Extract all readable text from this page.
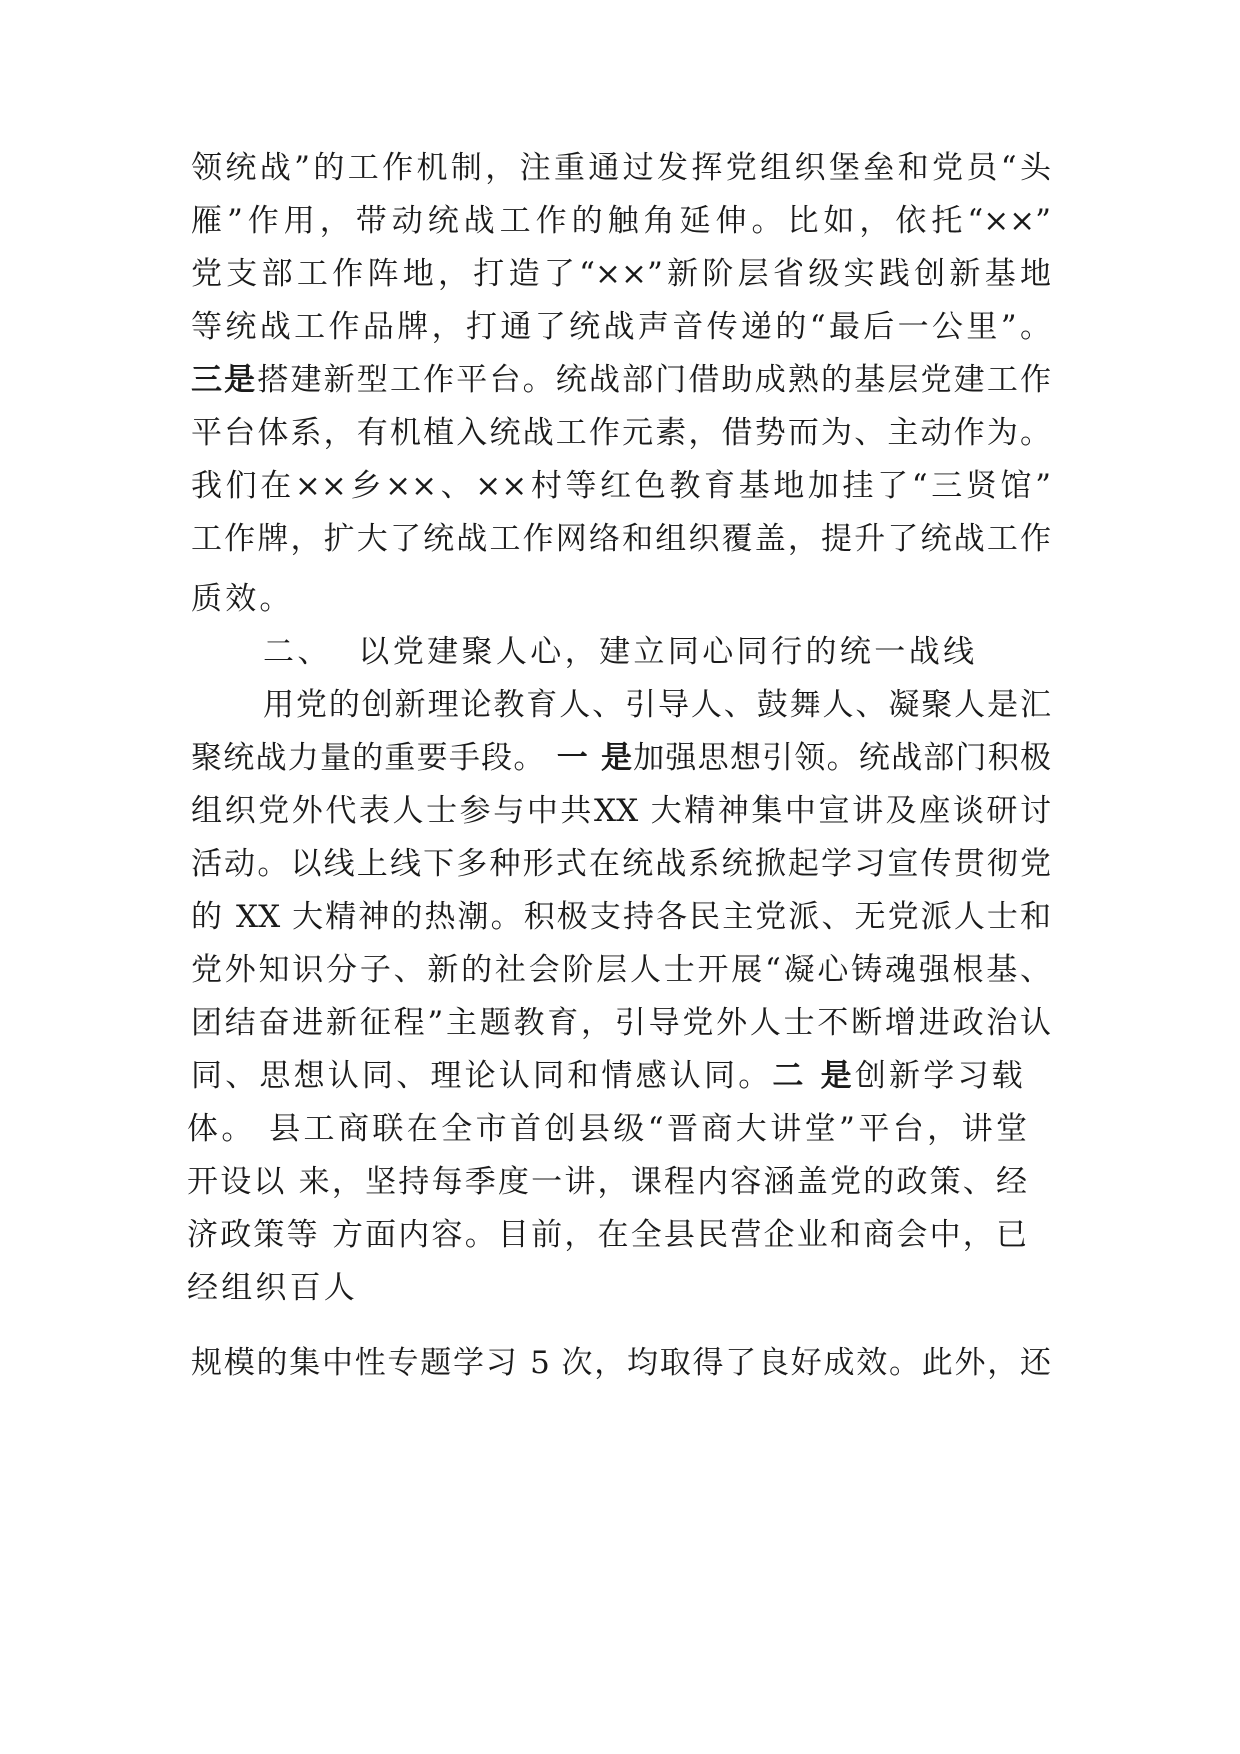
领统战”的工作机制，注重通过发挥党组织堡垒和党员“头
雁”作用，带动统战工作的触角延伸。比如，依托“××”
党支部工作阵地，打造了“××”新阶层省级实践创新基地
等统战工作品牌，打通了统战声音传递的“最后一公里”。
三是搭建新型工作平台。统战部门借助成熟的基层党建工作
平台体系，有机植入统战工作元素，借势而为、主动作为。
我们在××乡××、××村等红色教育基地加挂了“三贤馆”
工作牌，扩大了统战工作网络和组织覆盖，提升了统战工作
质效。
二、  以党建聚人心，建立同心同行的统一战线
用党的创新理论教育人、引导人、鼓舞人、凝聚人是汇
聚统战力量的重要手段。 一 是加强思想引领。统战部门积极
组织党外代表人士参与中共XX 大精神集中宣讲及座谈研讨
活动。以线上线下多种形式在统战系统掀起学习宣传贯彻党
的 XX 大精神的热潮。积极支持各民主党派、无党派人士和
党外知识分子、新的社会阶层人士开展“凝心铸魂强根基、
团结奋进新征程”主题教育，引导党外人士不断增进政治认
同、思想认同、理论认同和情感认同。二 是创新学习载
体。 县工商联在全市首创县级“晋商大讲堂”平台，讲堂
开设以 来，坚持每季度一讲，课程内容涵盖党的政策、经
济政策等 方面内容。目前，在全县民营企业和商会中，已
经组织百人
规模的集中性专题学习 5 次，均取得了良好成效。此外，还
